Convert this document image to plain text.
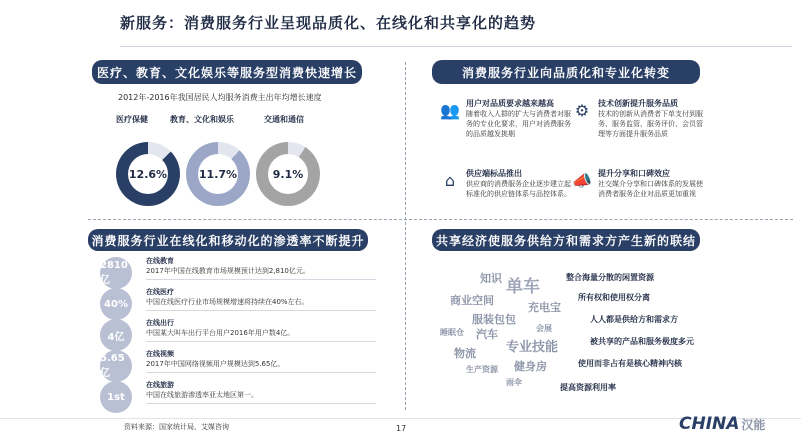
新服务：消费服务行业呈现品质化、在线化和共享化的趋势
医疗、教育、文化娱乐等服务型消费快速增长
2012年-2016年我国居民人均服务消费主出年均增长速度
医疗保健	教育、文化和娱乐	交通和通信
12.6%	11.7%	9.1%
消费服务行业向品质化和专业化转变
👥 用户对品质要求越来越高
随着收入人群的扩大与消费者对服务的专业化要求，用户对消费服务的品质越发挑剔
⚙	技术创新提升服务品质
技术的创新从消费者下单支付到服务、服务监管、服务评价、会员管理等方面提升服务品质
⌂	供应端标品推出
供应商的消费服务企业逐步建立起标准化的供应链体系与品控体系。
📣 提升分享和口碑效应
社交媒介分享和口碑体系的发展使消费者服务企业对品质更加重视
消费服务行业在线化和移动化的渗透率不断提升
2810亿
在线教育
2017年中国在线教育市场规模预计达到2,810亿元。
40%
在线医疗
中国在线医疗行业市场规模增速将持续在40%左右。
4亿
在线出行
中国某大叫车出行平台用户2016年用户数4亿。
5.65亿
在线视频
2017年中国网络视频用户规模达到5.65亿。
1st
在线旅游
中国在线旅游渗透率亚太地区第一。
共享经济使服务供给方和需求方产生新的联结
知识 单车
商业空间
充电宝
服装包包
汽车	会展
睡眠仓
专业技能
物流
生产资源 健身房
雨伞
整合海量分散的闲置资源
所有权和使用权分离
人人都是供给方和需求方
被共享的产品和服务极度多元
使用而非占有是核心精神内核
提高资源利用率
资料来源：国家统计局、艾媒咨询	17	CHINA 汉能
